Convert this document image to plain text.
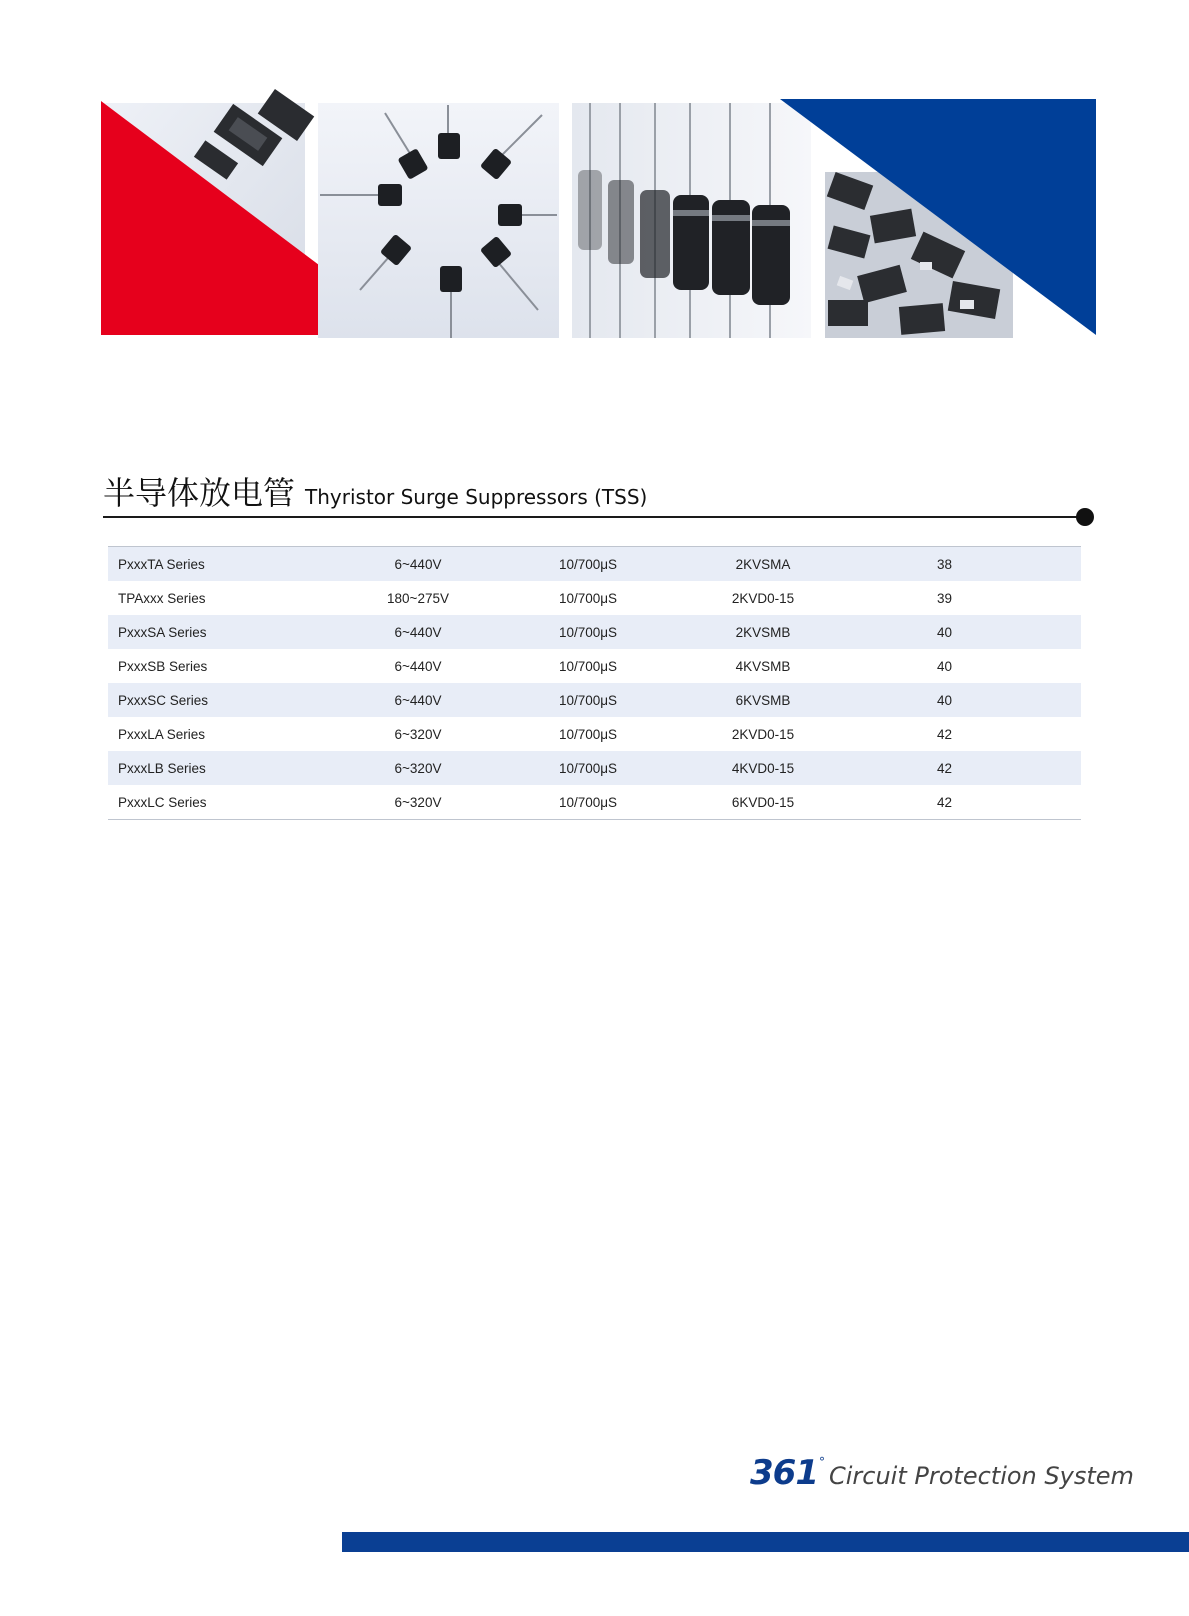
半导体放电管 Thyristor Surge Suppressors (TSS)
PxxxTA Series	6~440V	10/700μS	2KVSMA	38
TPAxxx Series	180~275V	10/700μS	2KVD0-15	39
PxxxSA Series	6~440V	10/700μS	2KVSMB	40
PxxxSB Series	6~440V	10/700μS	4KVSMB	40
PxxxSC Series	6~440V	10/700μS	6KVSMB	40
PxxxLA Series	6~320V	10/700μS	2KVD0-15	42
PxxxLB Series	6~320V	10/700μS	4KVD0-15	42
PxxxLC Series	6~320V	10/700μS	6KVD0-15	42
361 ° Circuit Protection System
